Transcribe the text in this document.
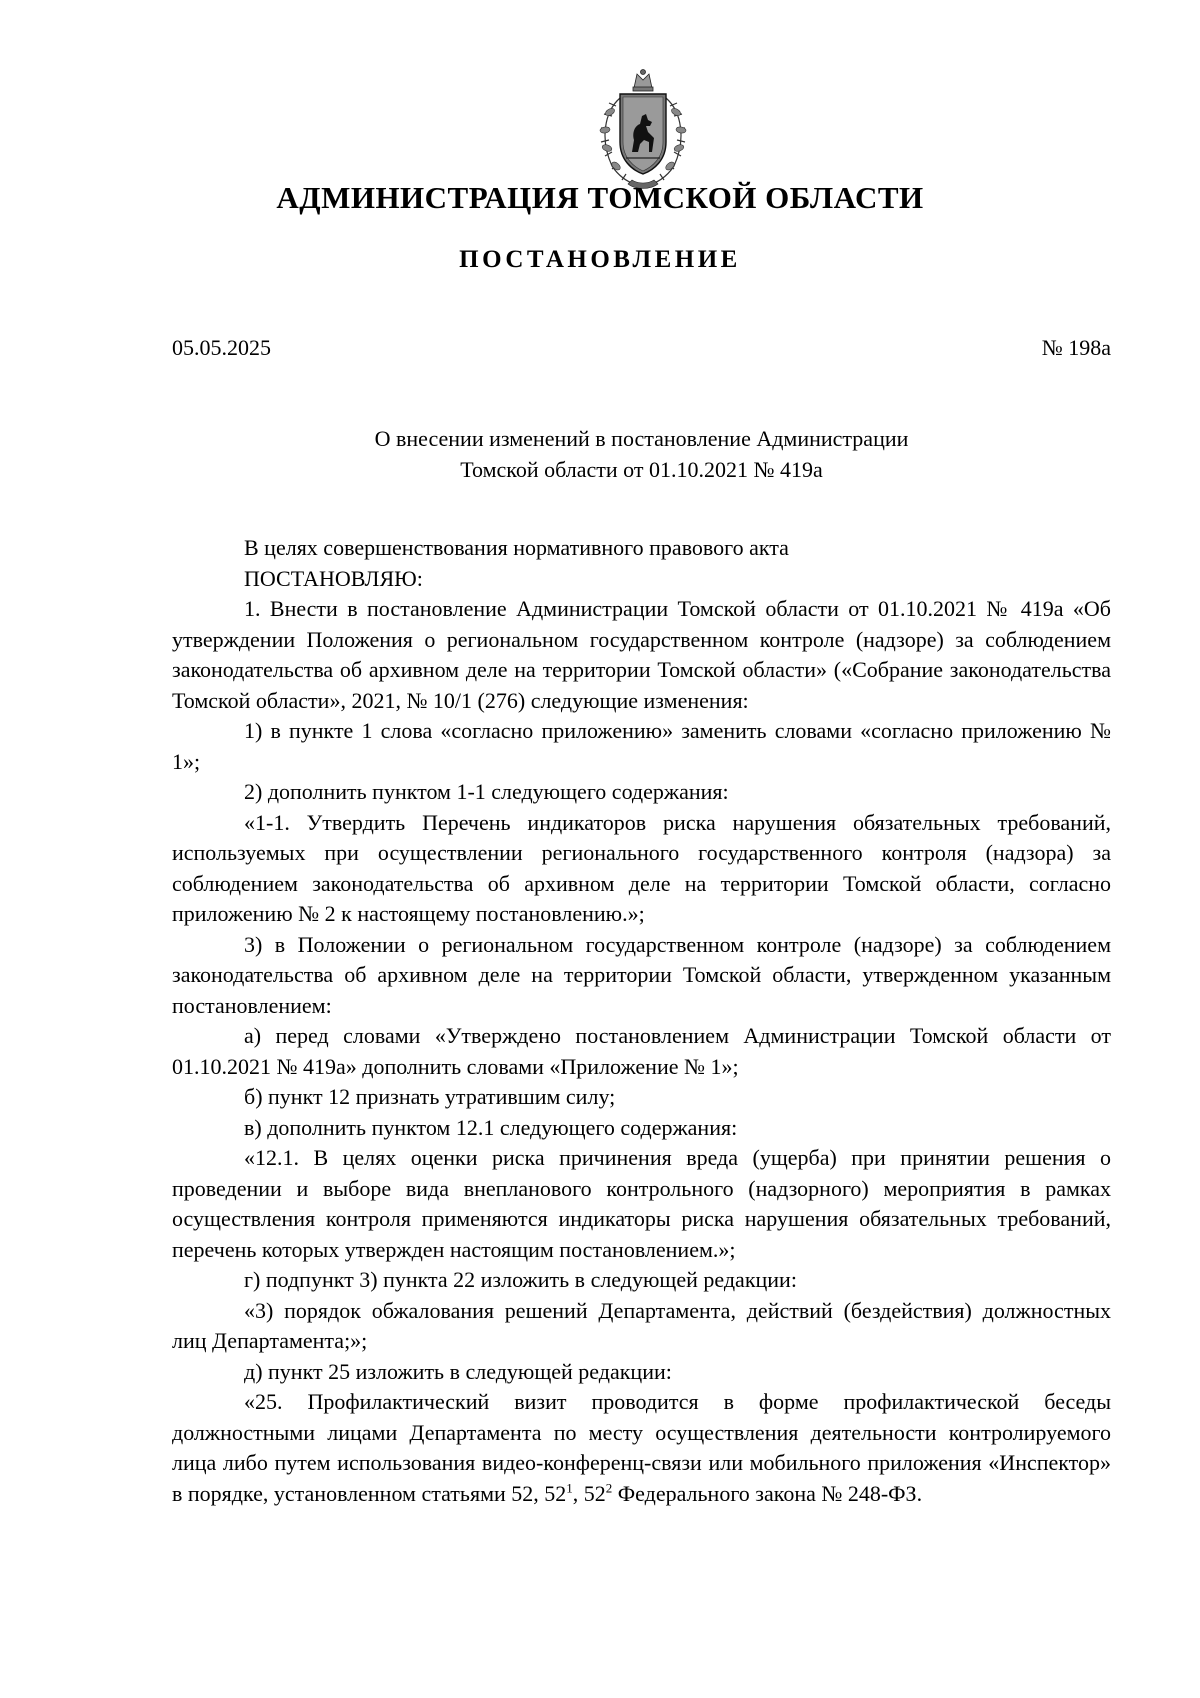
АДМИНИСТРАЦИЯ ТОМСКОЙ ОБЛАСТИ
ПОСТАНОВЛЕНИЕ
05.05.2025	№ 198а
О внесении изменений в постановление Администрации
Томской области от 01.10.2021 № 419а

В целях совершенствования нормативного правового акта

ПОСТАНОВЛЯЮ:

1. Внести в постановление Администрации Томской области от 01.10.2021 № 419а «Об утверждении Положения о региональном государственном контроле (надзоре) за соблюдением законодательства об архивном деле на территории Томской области» («Собрание законодательства Томской области», 2021, № 10/1 (276) следующие изменения:

1) в пункте 1 слова «согласно приложению» заменить словами «согласно приложению № 1»;

2) дополнить пунктом 1-1 следующего содержания:

«1-1. Утвердить Перечень индикаторов риска нарушения обязательных требований, используемых при осуществлении регионального государственного контроля (надзора) за соблюдением законодательства об архивном деле на территории Томской области, согласно приложению № 2 к настоящему постановлению.»;

3) в Положении о региональном государственном контроле (надзоре) за соблюдением законодательства об архивном деле на территории Томской области, утвержденном указанным постановлением:

а) перед словами «Утверждено постановлением Администрации Томской области от 01.10.2021 № 419а» дополнить словами «Приложение № 1»;

б) пункт 12 признать утратившим силу;

в) дополнить пунктом 12.1 следующего содержания:

«12.1. В целях оценки риска причинения вреда (ущерба) при принятии решения о проведении и выборе вида внепланового контрольного (надзорного) мероприятия в рамках осуществления контроля применяются индикаторы риска нарушения обязательных требований, перечень которых утвержден настоящим постановлением.»;

г) подпункт 3) пункта 22 изложить в следующей редакции:

«3) порядок обжалования решений Департамента, действий (бездействия) должностных лиц Департамента;»;

д) пункт 25 изложить в следующей редакции:

«25. Профилактический визит проводится в форме профилактической беседы должностными лицами Департамента по месту осуществления деятельности контролируемого лица либо путем использования видео-конференц-связи или мобильного приложения «Инспектор» в порядке, установленном статьями 52, $52^1$, $52^2$ Федерального закона № 248-ФЗ.
